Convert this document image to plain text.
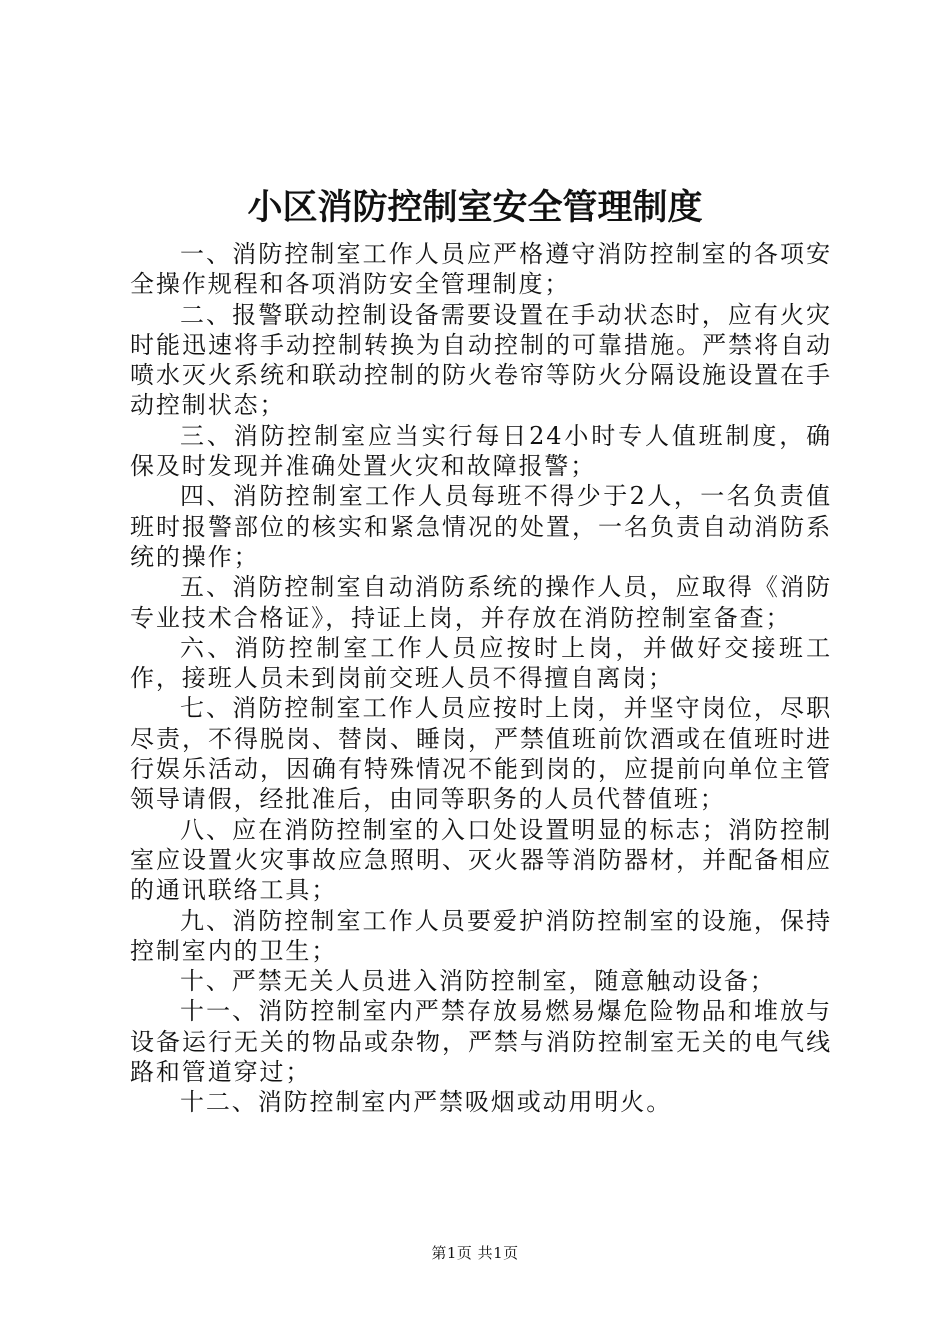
小区消防控制室安全管理制度

一、消防控制室工作人员应严格遵守消防控制室的各项安全操作规程和各项消防安全管理制度；

二、报警联动控制设备需要设置在手动状态时，应有火灾时能迅速将手动控制转换为自动控制的可靠措施。严禁将自动喷水灭火系统和联动控制的防火卷帘等防火分隔设施设置在手动控制状态；

三、消防控制室应当实行每日24小时专人值班制度，确保及时发现并准确处置火灾和故障报警；

四、消防控制室工作人员每班不得少于2人，一名负责值班时报警部位的核实和紧急情况的处置，一名负责自动消防系统的操作；

五、消防控制室自动消防系统的操作人员，应取得《消防专业技术合格证》，持证上岗，并存放在消防控制室备查；

六、消防控制室工作人员应按时上岗，并做好交接班工作，接班人员未到岗前交班人员不得擅自离岗；

七、消防控制室工作人员应按时上岗，并坚守岗位，尽职尽责，不得脱岗、替岗、睡岗，严禁值班前饮酒或在值班时进行娱乐活动，因确有特殊情况不能到岗的，应提前向单位主管领导请假，经批准后，由同等职务的人员代替值班；

八、应在消防控制室的入口处设置明显的标志；消防控制室应设置火灾事故应急照明、灭火器等消防器材，并配备相应的通讯联络工具；

九、消防控制室工作人员要爱护消防控制室的设施，保持控制室内的卫生；

十、严禁无关人员进入消防控制室，随意触动设备；

十一、消防控制室内严禁存放易燃易爆危险物品和堆放与设备运行无关的物品或杂物，严禁与消防控制室无关的电气线路和管道穿过；

十二、消防控制室内严禁吸烟或动用明火。

第1页 共1页
